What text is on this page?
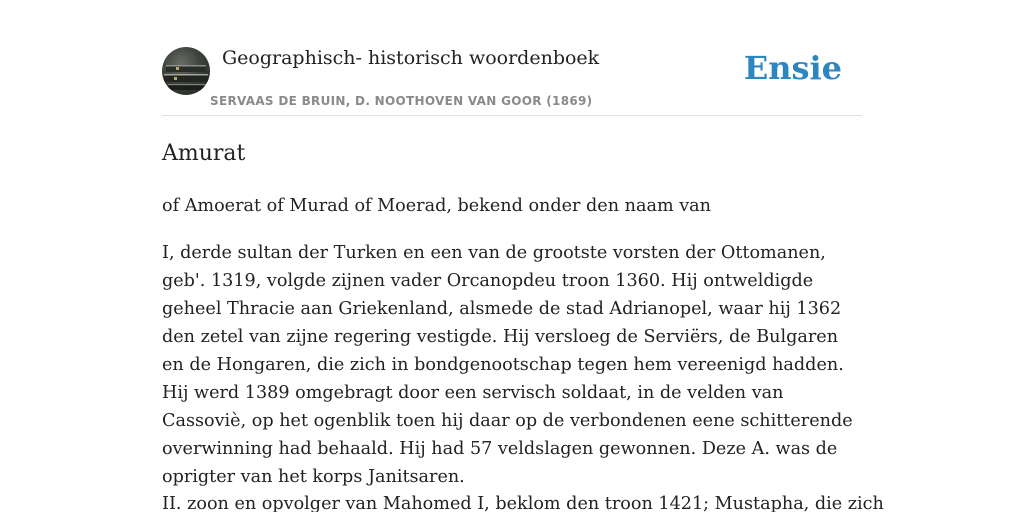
Geographisch- historisch woordenboek
SERVAAS DE BRUIN, D. NOOTHOVEN VAN GOOR (1869)
Ensie
Amurat

of Amoerat of Murad of Moerad, bekend onder den naam van

I, derde sultan der Turken en een van de grootste vorsten der Ottomanen, geb'. 1319, volgde zijnen vader Orcanopdeu troon 1360. Hij ontweldigde geheel Thracie aan Griekenland, alsmede de stad Adrianopel, waar hij 1362 den zetel van zijne regering vestigde. Hij versloeg de Serviërs, de Bulgaren en de Hongaren, die zich in bondgenootschap tegen hem vereenigd hadden. Hij werd 1389 omgebragt door een servisch soldaat, in de velden van Cassoviè, op het ogenblik toen hij daar op de verbondenen eene schitterende overwinning had behaald. Hij had 57 veldslagen gewonnen. Deze A. was de oprigter van het korps Janitsaren.

II. zoon en opvolger van Mahomed I, beklom den troon 1421; Mustapha, die zich
